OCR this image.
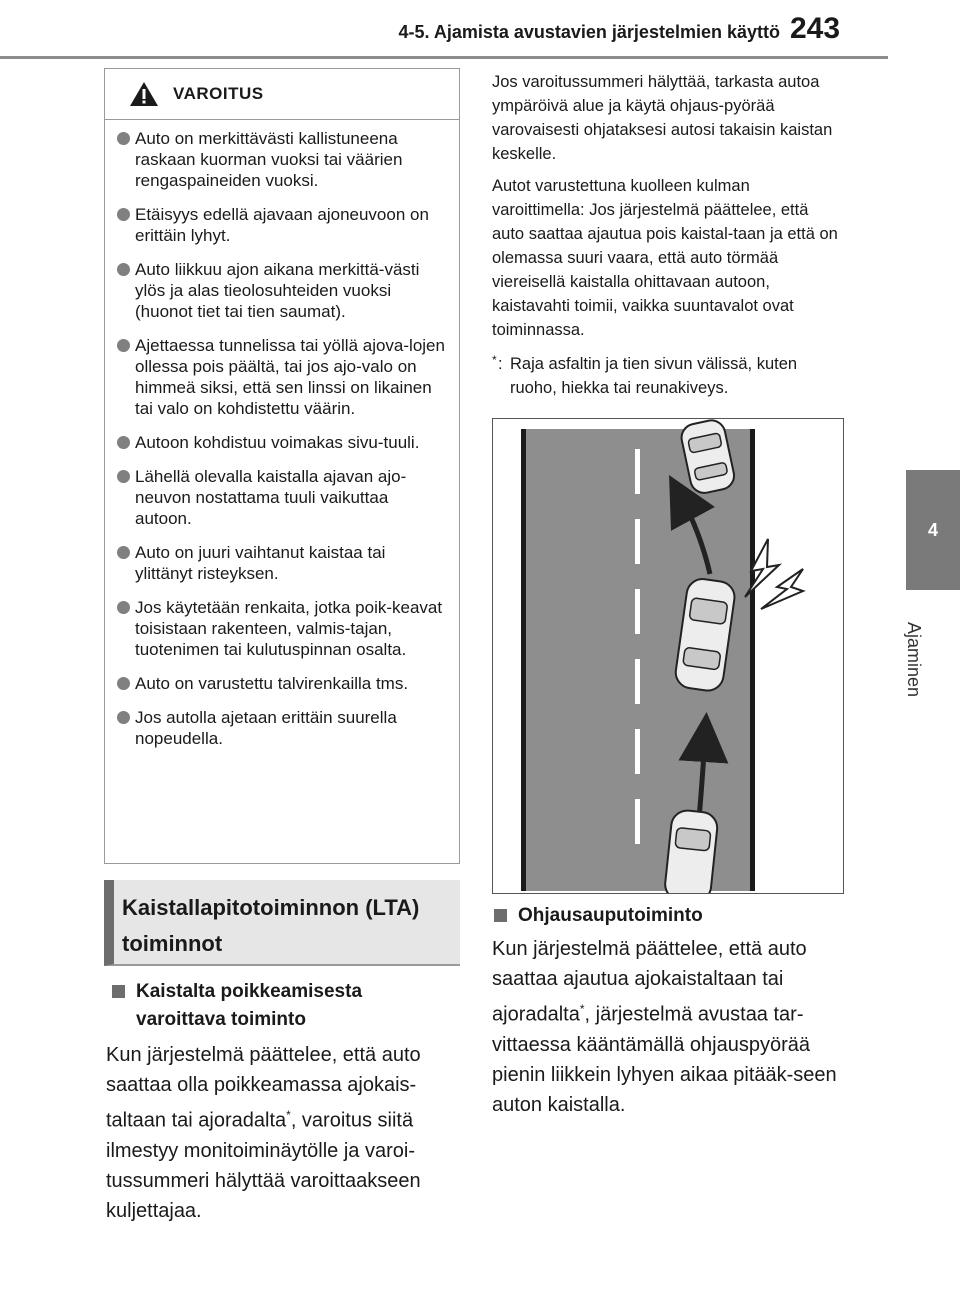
4-5. Ajamista avustavien järjestelmien käyttö 243
4
Ajaminen
VAROITUS
Auto on merkittävästi kallistuneena raskaan kuorman vuoksi tai väärien rengaspaineiden vuoksi.
Etäisyys edellä ajavaan ajoneuvoon on erittäin lyhyt.
Auto liikkuu ajon aikana merkittä-västi ylös ja alas tieolosuhteiden vuoksi (huonot tiet tai tien saumat).
Ajettaessa tunnelissa tai yöllä ajova-lojen ollessa pois päältä, tai jos ajo-valo on himmeä siksi, että sen linssi on likainen tai valo on kohdistettu väärin.
Autoon kohdistuu voimakas sivu-tuuli.
Lähellä olevalla kaistalla ajavan ajo-neuvon nostattama tuuli vaikuttaa autoon.
Auto on juuri vaihtanut kaistaa tai ylittänyt risteyksen.
Jos käytetään renkaita, jotka poik-keavat toisistaan rakenteen, valmis-tajan, tuotenimen tai kulutuspinnan osalta.
Auto on varustettu talvirenkailla tms.
Jos autolla ajetaan erittäin suurella nopeudella.
Kaistallapitotoiminnon (LTA)
toiminnot
Kaistalta poikkeamisesta
varoittava toiminto
Kun järjestelmä päättelee, että auto saattaa olla poikkeamassa ajokais-taltaan tai ajoradalta*, varoitus siitä ilmestyy monitoiminäytölle ja varoi-tussummeri hälyttää varoittaakseen kuljettajaa.
Jos varoitussummeri hälyttää, tarkasta autoa ympäröivä alue ja käytä ohjaus-pyörää varovaisesti ohjataksesi autosi takaisin kaistan keskelle.
Autot varustettuna kuolleen kulman varoittimella: Jos järjestelmä päättelee, että auto saattaa ajautua pois kaistal-taan ja että on olemassa suuri vaara, että auto törmää viereisellä kaistalla ohittavaan autoon, kaistavahti toimii, vaikka suuntavalot ovat toiminnassa.
* : Raja asfaltin ja tien sivun välissä, kuten ruoho, hiekka tai reunakiveys.
Ohjausauputoiminto
Kun järjestelmä päättelee, että auto saattaa ajautua ajokaistaltaan tai ajoradalta*, järjestelmä avustaa tar-vittaessa kääntämällä ohjauspyörää pienin liikkein lyhyen aikaa pitääk-seen auton kaistalla.
